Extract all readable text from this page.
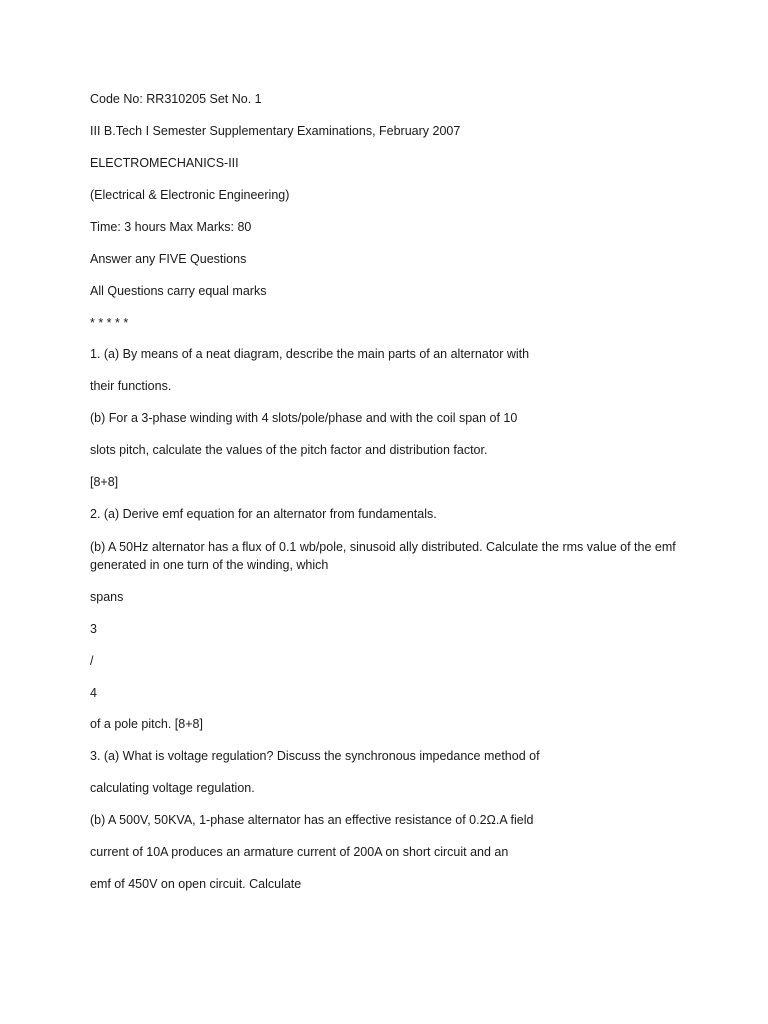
Code No: RR310205 Set No. 1
III B.Tech I Semester Supplementary Examinations, February 2007
ELECTROMECHANICS-III
(Electrical & Electronic Engineering)
Time: 3 hours Max Marks: 80
Answer any FIVE Questions
All Questions carry equal marks
* * * * *
1. (a) By means of a neat diagram, describe the main parts of an alternator with
their functions.
(b) For a 3-phase winding with 4 slots/pole/phase and with the coil span of 10
slots pitch, calculate the values of the pitch factor and distribution factor.
[8+8]
2. (a) Derive emf equation for an alternator from fundamentals.
(b) A 50Hz alternator has a flux of 0.1 wb/pole, sinusoid ally distributed. Calculate the rms value of the emf generated in one turn of the winding, which
spans
3
/
4
of a pole pitch. [8+8]
3. (a) What is voltage regulation? Discuss the synchronous impedance method of
calculating voltage regulation.
(b) A 500V, 50KVA, 1-phase alternator has an effective resistance of 0.2Ω.A field
current of 10A produces an armature current of 200A on short circuit and an
emf of 450V on open circuit. Calculate
